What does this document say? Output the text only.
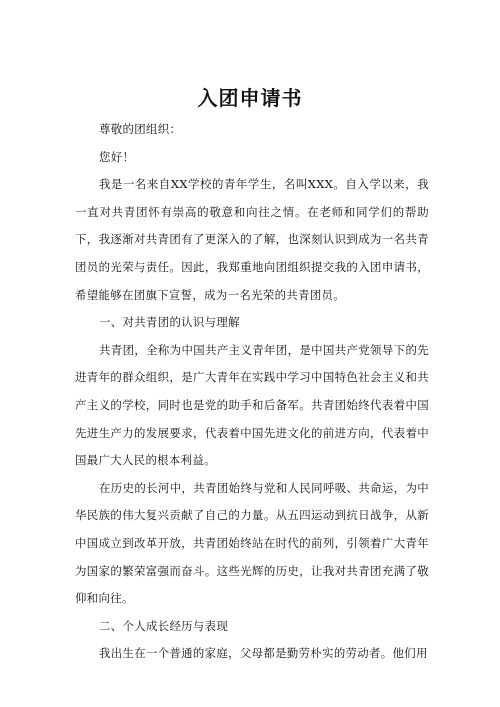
入团申请书

尊敬的团组织：

您好！

我是一名来自XX学校的青年学生，名叫XXX。自入学以来，我一直对共青团怀有崇高的敬意和向往之情。在老师和同学们的帮助下，我逐渐对共青团有了更深入的了解，也深刻认识到成为一名共青团员的光荣与责任。因此，我郑重地向团组织提交我的入团申请书，希望能够在团旗下宣誓，成为一名光荣的共青团员。

一、对共青团的认识与理解

共青团，全称为中国共产主义青年团，是中国共产党领导下的先进青年的群众组织，是广大青年在实践中学习中国特色社会主义和共产主义的学校，同时也是党的助手和后备军。共青团始终代表着中国先进生产力的发展要求，代表着中国先进文化的前进方向，代表着中国最广大人民的根本利益。

在历史的长河中，共青团始终与党和人民同呼吸、共命运，为中华民族的伟大复兴贡献了自己的力量。从五四运动到抗日战争，从新中国成立到改革开放，共青团始终站在时代的前列，引领着广大青年为国家的繁荣富强而奋斗。这些光辉的历史，让我对共青团充满了敬仰和向往。

二、个人成长经历与表现

我出生在一个普通的家庭，父母都是勤劳朴实的劳动者。他们用
